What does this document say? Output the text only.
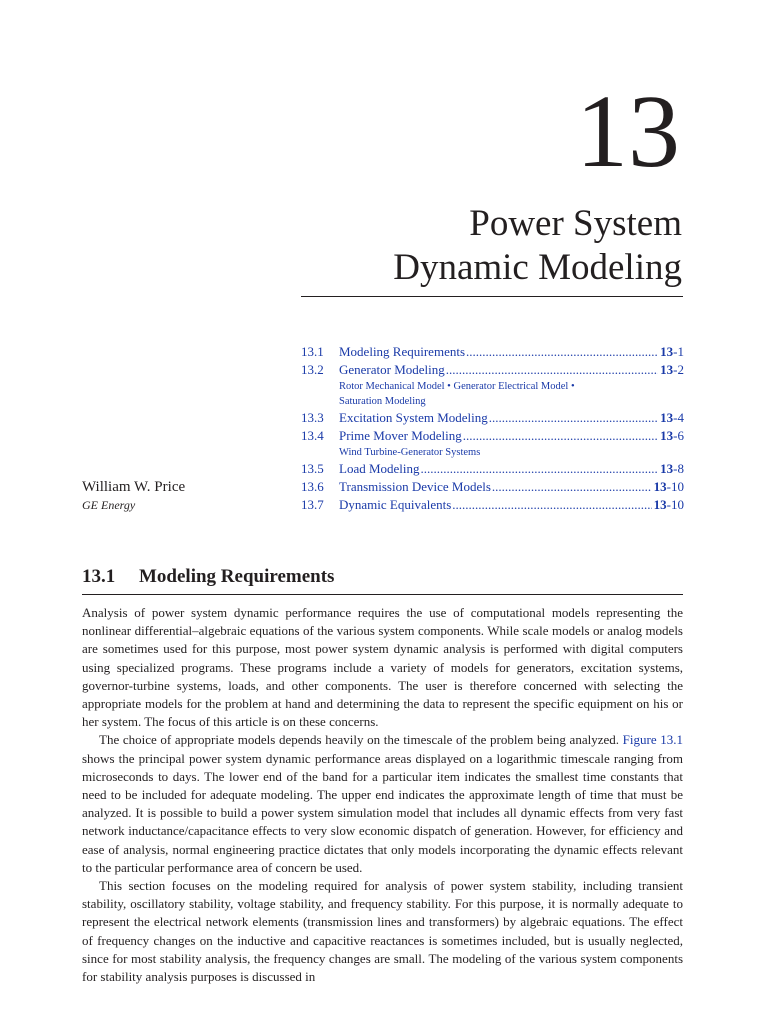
13
Power System
Dynamic Modeling
13.1	Modeling Requirements .....	13-1
13.2	Generator Modeling .....	13-2
Rotor Mechanical Model • Generator Electrical Model •
Saturation Modeling
13.3	Excitation System Modeling .....	13-4
13.4	Prime Mover Modeling .....	13-6
Wind Turbine-Generator Systems
13.5	Load Modeling .....	13-8
13.6	Transmission Device Models .....	13-10
13.7	Dynamic Equivalents .....	13-10
William W. Price
GE Energy
13.1 Modeling Requirements

Analysis of power system dynamic performance requires the use of computational models representing the nonlinear differential–algebraic equations of the various system components. While scale models or analog models are sometimes used for this purpose, most power system dynamic analysis is performed with digital computers using specialized programs. These programs include a variety of models for generators, excitation systems, governor-turbine systems, loads, and other components. The user is therefore concerned with selecting the appropriate models for the problem at hand and determining the data to represent the specific equipment on his or her system. The focus of this article is on these concerns.

The choice of appropriate models depends heavily on the timescale of the problem being analyzed. Figure 13.1 shows the principal power system dynamic performance areas displayed on a logarithmic timescale ranging from microseconds to days. The lower end of the band for a particular item indicates the smallest time constants that need to be included for adequate modeling. The upper end indicates the approximate length of time that must be analyzed. It is possible to build a power system simulation model that includes all dynamic effects from very fast network inductance/capacitance effects to very slow economic dispatch of generation. However, for efficiency and ease of analysis, normal engineering practice dictates that only models incorporating the dynamic effects relevant to the particular performance area of concern be used.

This section focuses on the modeling required for analysis of power system stability, including transient stability, oscillatory stability, voltage stability, and frequency stability. For this purpose, it is normally adequate to represent the electrical network elements (transmission lines and transformers) by algebraic equations. The effect of frequency changes on the inductive and capacitive reactances is sometimes included, but is usually neglected, since for most stability analysis, the frequency changes are small. The modeling of the various system components for stability analysis purposes is discussed in
